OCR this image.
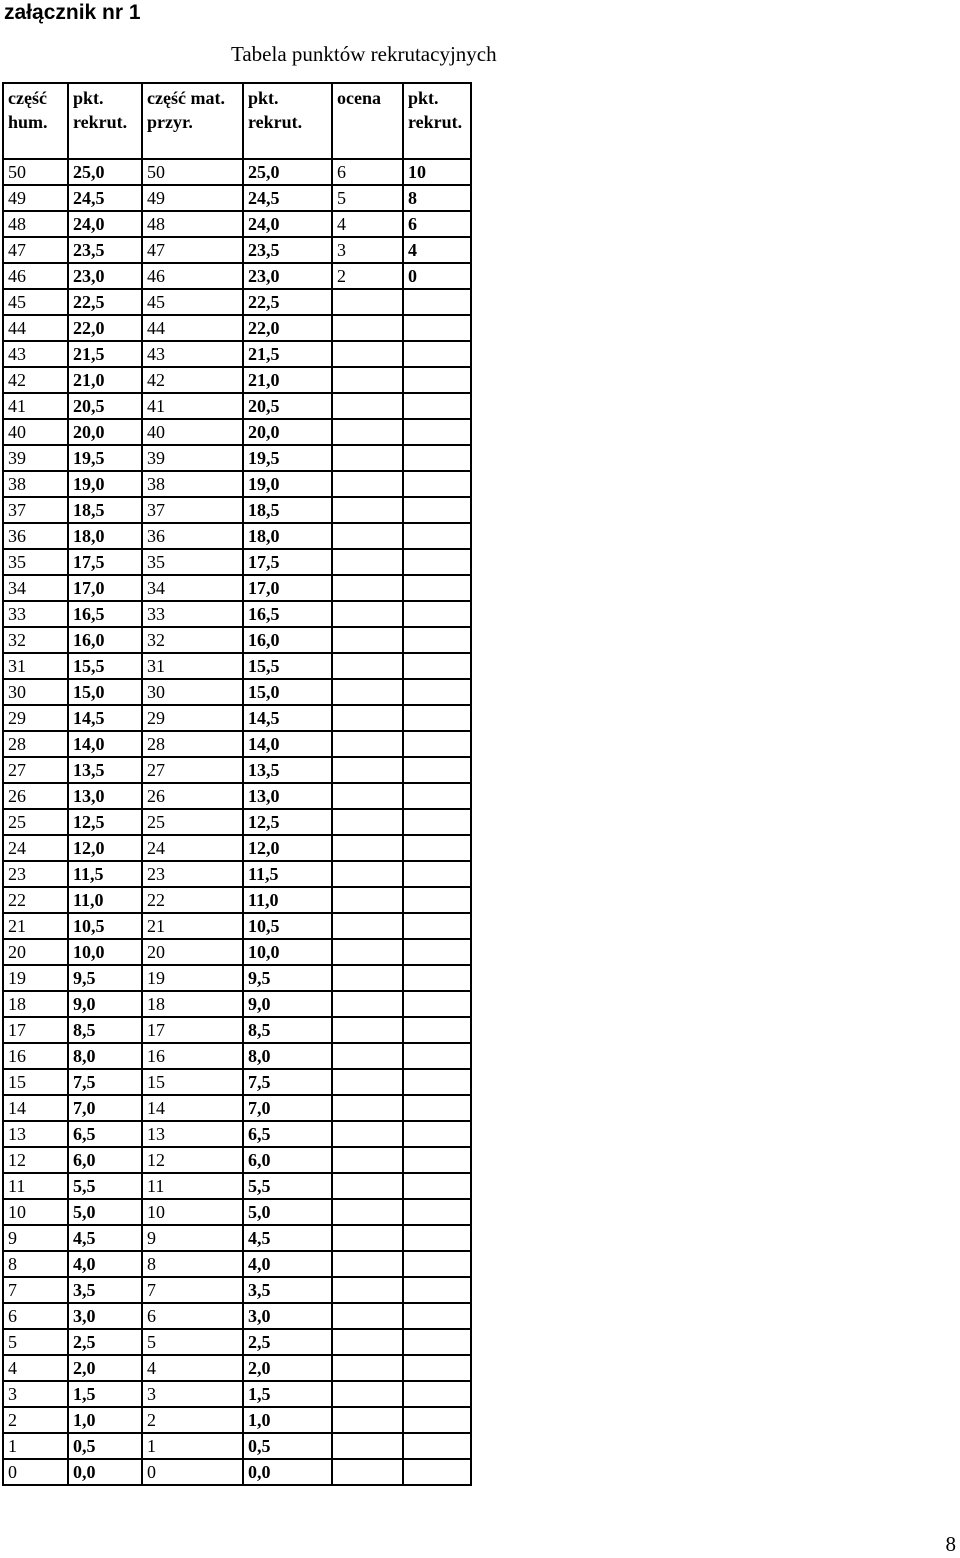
załącznik nr 1
Tabela punktów rekrutacyjnych
część hum.	pkt. rekrut.	część mat. przyr.	pkt. rekrut.	ocena	pkt. rekrut.
50	25,0	50	25,0	6	10
49	24,5	49	24,5	5	8
48	24,0	48	24,0	4	6
47	23,5	47	23,5	3	4
46	23,0	46	23,0	2	0
45	22,5	45	22,5		
44	22,0	44	22,0		
43	21,5	43	21,5		
42	21,0	42	21,0		
41	20,5	41	20,5		
40	20,0	40	20,0		
39	19,5	39	19,5		
38	19,0	38	19,0		
37	18,5	37	18,5		
36	18,0	36	18,0		
35	17,5	35	17,5		
34	17,0	34	17,0		
33	16,5	33	16,5		
32	16,0	32	16,0		
31	15,5	31	15,5		
30	15,0	30	15,0		
29	14,5	29	14,5		
28	14,0	28	14,0		
27	13,5	27	13,5		
26	13,0	26	13,0		
25	12,5	25	12,5		
24	12,0	24	12,0		
23	11,5	23	11,5		
22	11,0	22	11,0		
21	10,5	21	10,5		
20	10,0	20	10,0		
19	9,5	19	9,5		
18	9,0	18	9,0		
17	8,5	17	8,5		
16	8,0	16	8,0		
15	7,5	15	7,5		
14	7,0	14	7,0		
13	6,5	13	6,5		
12	6,0	12	6,0		
11	5,5	11	5,5		
10	5,0	10	5,0		
9	4,5	9	4,5		
8	4,0	8	4,0		
7	3,5	7	3,5		
6	3,0	6	3,0		
5	2,5	5	2,5		
4	2,0	4	2,0		
3	1,5	3	1,5		
2	1,0	2	1,0		
1	0,5	1	0,5		
0	0,0	0	0,0		
8
